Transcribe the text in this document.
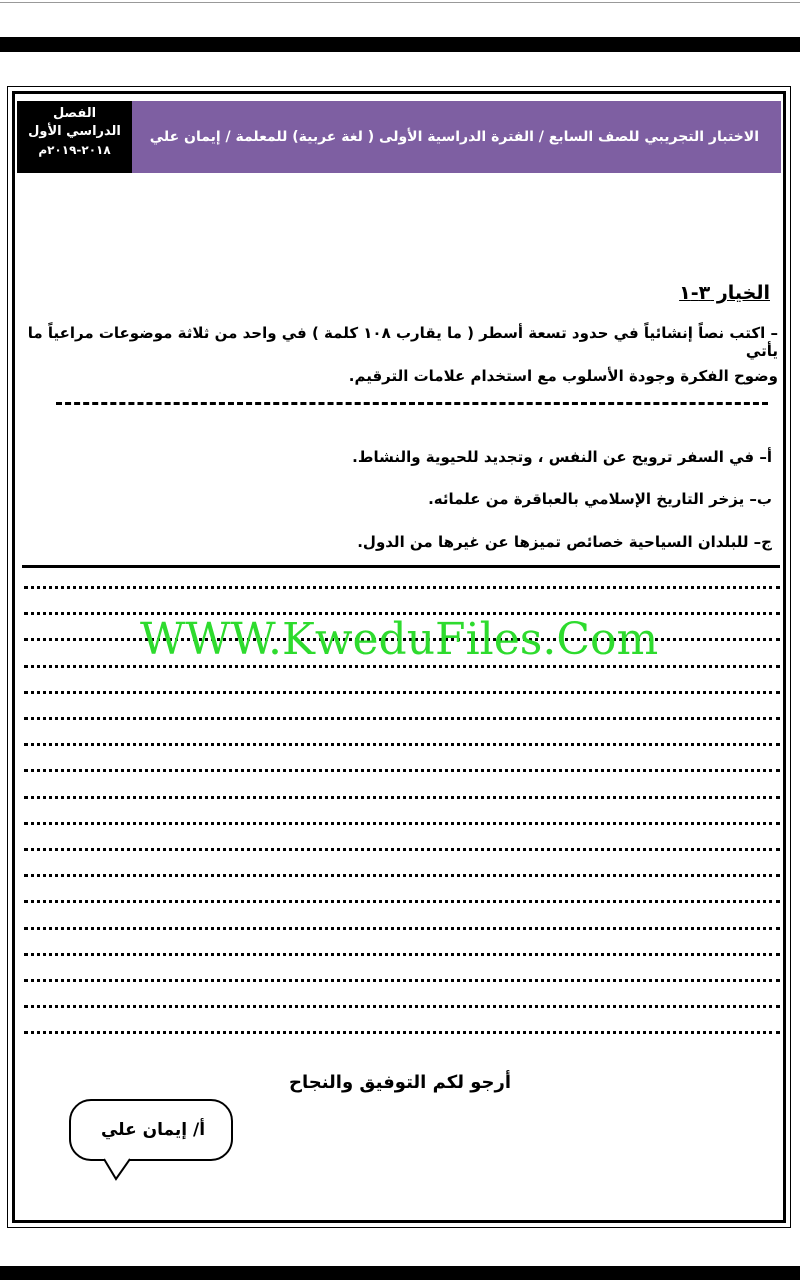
الفصل
الدراسي الأول
٢٠١٨-٢٠١٩م
الاختبار التجريبي للصف السابع / الفترة الدراسية الأولى ( لغة عربية) للمعلمة / إيمان علي
الخيار ٣-١
– اكتب نصاً إنشائياً في حدود تسعة أسطر ( ما يقارب ١٠٨ كلمة ) في واحد من ثلاثة موضوعات مراعياً ما يأتي
وضوح الفكرة وجودة الأسلوب مع استخدام علامات الترقيم.
أ– في السفر ترويح عن النفس ، وتجديد للحيوية والنشاط.
ب– يزخر التاريخ الإسلامي بالعباقرة من علمائه.
ج– للبلدان السياحية خصائص تميزها عن غيرها من الدول.
WWW.KweduFiles.Com
أرجو لكم التوفيق والنجاح
أ/ إيمان علي
